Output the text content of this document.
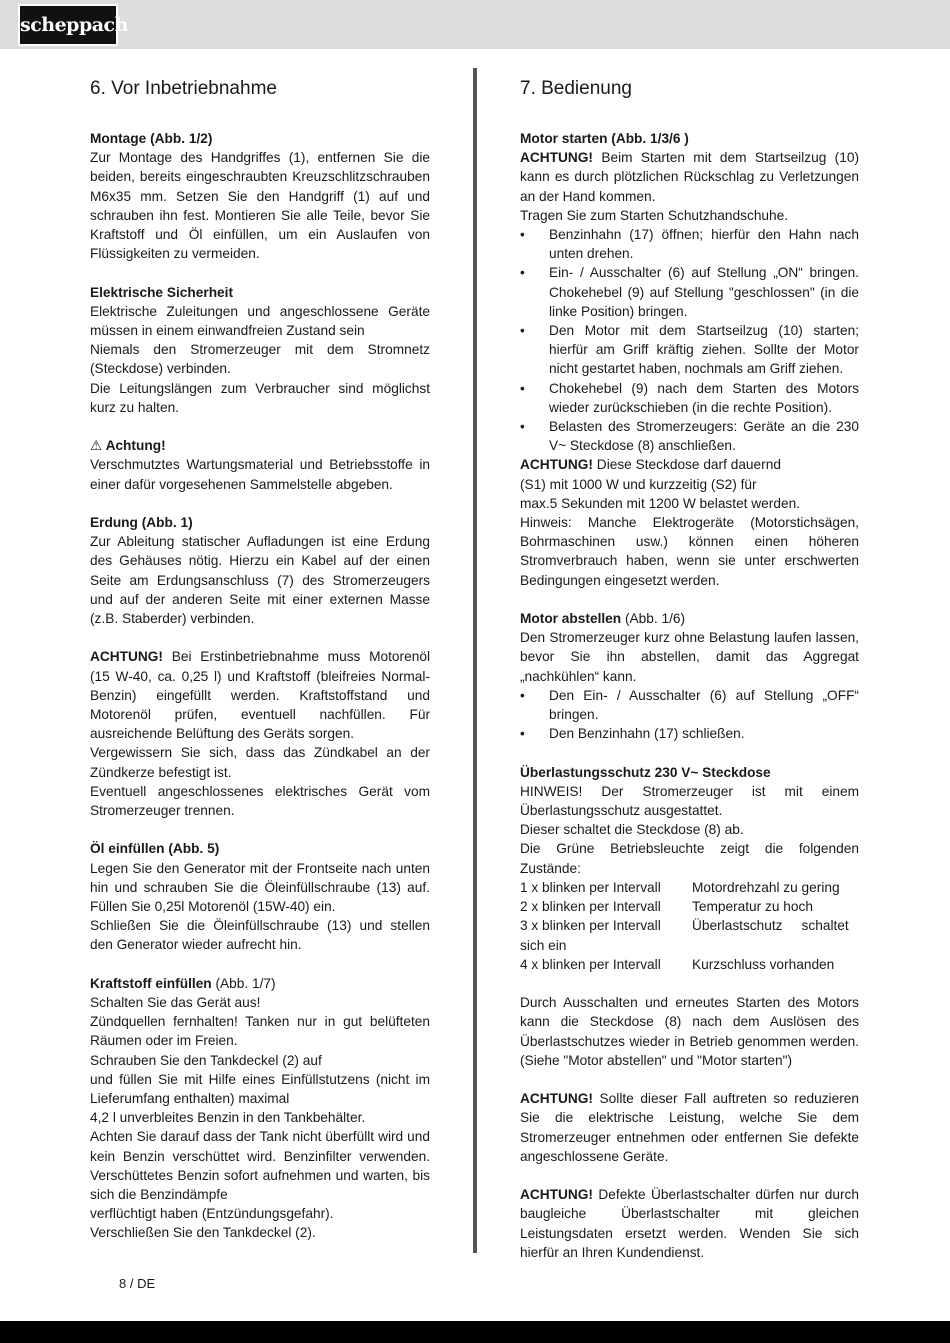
scheppach
6. Vor Inbetriebnahme
Montage (Abb. 1/2)

Zur Montage des Handgriffes (1), entfernen Sie die beiden, bereits eingeschraubten Kreuzschlitzschrauben M6x35 mm. Setzen Sie den Handgriff (1) auf und schrauben ihn fest. Montieren Sie alle Teile, bevor Sie Kraftstoff und Öl einfüllen, um ein Auslaufen von Flüssigkeiten zu vermeiden.

Elektrische Sicherheit

Elektrische Zuleitungen und angeschlossene Geräte müssen in einem einwandfreien Zustand sein

Niemals den Stromerzeuger mit dem Stromnetz (Steckdose) verbinden.

Die Leitungslängen zum Verbraucher sind möglichst kurz zu halten.

⚠ Achtung!

Verschmutztes Wartungsmaterial und Betriebsstoffe in einer dafür vorgesehenen Sammelstelle abgeben.

Erdung (Abb. 1)

Zur Ableitung statischer Aufladungen ist eine Erdung des Gehäuses nötig. Hierzu ein Kabel auf der einen Seite am Erdungsanschluss (7) des Stromerzeugers und auf der anderen Seite mit einer externen Masse (z.B. Staberder) verbinden.

ACHTUNG! Bei Erstinbetriebnahme muss Motorenöl (15 W-40, ca. 0,25 l) und Kraftstoff (bleifreies Normal-Benzin) eingefüllt werden. Kraftstoffstand und Motorenöl prüfen, eventuell nachfüllen. Für ausreichende Belüftung des Geräts sorgen.

Vergewissern Sie sich, dass das Zündkabel an der Zündkerze befestigt ist.

Eventuell angeschlossenes elektrisches Gerät vom Stromerzeuger trennen.

Öl einfüllen (Abb. 5)

Legen Sie den Generator mit der Frontseite nach unten hin und schrauben Sie die Öleinfüllschraube (13) auf. Füllen Sie 0,25l Motorenöl (15W-40) ein.

Schließen Sie die Öleinfüllschraube (13) und stellen den Generator wieder aufrecht hin.

Kraftstoff einfüllen (Abb. 1/7)

Schalten Sie das Gerät aus!

Zündquellen fernhalten! Tanken nur in gut belüfteten Räumen oder im Freien.

Schrauben Sie den Tankdeckel (2) auf

und füllen Sie mit Hilfe eines Einfüllstutzens (nicht im Lieferumfang enthalten) maximal

4,2 l unverbleites Benzin in den Tankbehälter.

Achten Sie darauf dass der Tank nicht überfüllt wird und kein Benzin verschüttet wird. Benzinfilter verwenden. Verschüttetes Benzin sofort aufnehmen und warten, bis sich die Benzindämpfe

verflüchtigt haben (Entzündungsgefahr).

Verschließen Sie den Tankdeckel (2).

7. Bedienung
Motor starten (Abb. 1/3/6 )

ACHTUNG! Beim Starten mit dem Startseilzug (10) kann es durch plötzlichen Rückschlag zu Verletzungen an der Hand kommen.

Tragen Sie zum Starten Schutzhandschuhe.

• Benzinhahn (17) öffnen; hierfür den Hahn nach unten drehen.
• Ein- / Ausschalter (6) auf Stellung „ON“ bringen. Chokehebel (9) auf Stellung "geschlossen" (in die linke Position) bringen.
• Den Motor mit dem Startseilzug (10) starten; hierfür am Griff kräftig ziehen. Sollte der Motor nicht gestartet haben, nochmals am Griff ziehen.
• Chokehebel (9) nach dem Starten des Motors wieder zurückschieben (in die rechte Position).
• Belasten des Stromerzeugers: Geräte an die 230 V~ Steckdose (8) anschließen.
ACHTUNG! Diese Steckdose darf dauernd
(S1) mit 1000 W und kurzzeitig (S2) für
max.5 Sekunden mit 1200 W belastet werden.

Hinweis: Manche Elektrogeräte (Motorstichsägen, Bohrmaschinen usw.) können einen höheren Stromverbrauch haben, wenn sie unter erschwerten Bedingungen eingesetzt werden.

Motor abstellen (Abb. 1/6)

Den Stromerzeuger kurz ohne Belastung laufen lassen, bevor Sie ihn abstellen, damit das Aggregat „nachkühlen“ kann.

• Den Ein- / Ausschalter (6) auf Stellung „OFF“ bringen.
• Den Benzinhahn (17) schließen.
Überlastungsschutz 230 V~ Steckdose

HINWEIS! Der Stromerzeuger ist mit einem Überlastungsschutz ausgestattet.

Dieser schaltet die Steckdose (8) ab.

Die Grüne Betriebsleuchte zeigt die folgenden Zustände:

1 x blinken per Intervall	Motordrehzahl zu gering
2 x blinken per Intervall	Temperatur zu hoch
3 x blinken per Intervall	Überlastschutz     schaltet
sich ein
4 x blinken per Intervall	Kurzschluss vorhanden

Durch Ausschalten und erneutes Starten des Motors kann die Steckdose (8) nach dem Auslösen des Überlastschutzes wieder in Betrieb genommen werden. (Siehe "Motor abstellen" und "Motor starten")

ACHTUNG! Sollte dieser Fall auftreten so reduzieren Sie die elektrische Leistung, welche Sie dem Stromerzeuger entnehmen oder entfernen Sie defekte angeschlossene Geräte.

ACHTUNG! Defekte Überlastschalter dürfen nur durch baugleiche Überlastschalter mit gleichen Leistungsdaten ersetzt werden. Wenden Sie sich hierfür an Ihren Kundendienst.

8 / DE
